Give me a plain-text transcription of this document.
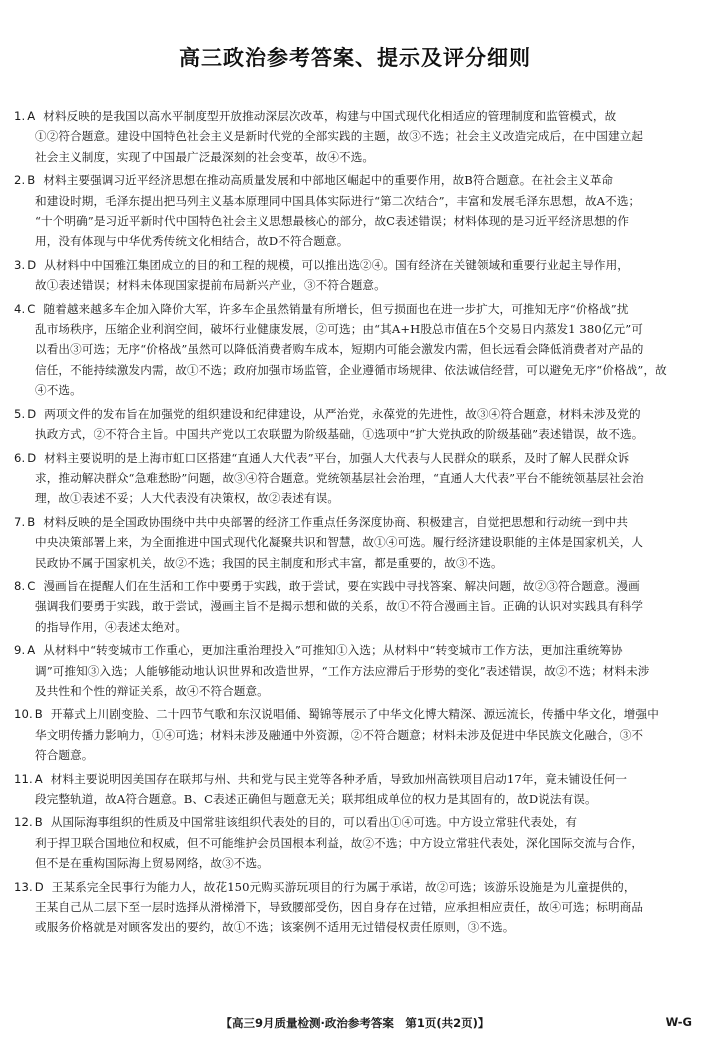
高三政治参考答案、提示及评分细则
1. A 材料反映的是我国以高水平制度型开放推动深层次改革，构建与中国式现代化相适应的管理制度和监管模式，故
①②符合题意。建设中国特色社会主义是新时代党的全部实践的主题，故③不选；社会主义改造完成后，在中国建立起
社会主义制度，实现了中国最广泛最深刻的社会变革，故④不选。
2. B 材料主要强调习近平经济思想在推动高质量发展和中部地区崛起中的重要作用，故B符合题意。在社会主义革命
和建设时期，毛泽东提出把马列主义基本原理同中国具体实际进行“第二次结合”，丰富和发展毛泽东思想，故A不选；
“十个明确”是习近平新时代中国特色社会主义思想最核心的部分，故C表述错误；材料体现的是习近平经济思想的作
用，没有体现与中华优秀传统文化相结合，故D不符合题意。
3. D 从材料中中国雅江集团成立的目的和工程的规模，可以推出选②④。国有经济在关键领域和重要行业起主导作用，
故①表述错误；材料未体现国家提前布局新兴产业，③不符合题意。
4. C 随着越来越多车企加入降价大军，许多车企虽然销量有所增长，但亏损面也在进一步扩大，可推知无序“价格战”扰
乱市场秩序，压缩企业利润空间，破坏行业健康发展，②可选；由“其A+H股总市值在5个交易日内蒸发1 380亿元”可
以看出③可选；无序“价格战”虽然可以降低消费者购车成本，短期内可能会激发内需，但长远看会降低消费者对产品的
信任，不能持续激发内需，故①不选；政府加强市场监管，企业遵循市场规律、依法诚信经营，可以避免无序“价格战”，故
④不选。
5. D 两项文件的发布旨在加强党的组织建设和纪律建设，从严治党，永葆党的先进性，故③④符合题意，材料未涉及党的
执政方式，②不符合主旨。中国共产党以工农联盟为阶级基础，①选项中“扩大党执政的阶级基础”表述错误，故不选。
6. D 材料主要说明的是上海市虹口区搭建“直通人大代表”平台，加强人大代表与人民群众的联系，及时了解人民群众诉
求，推动解决群众“急难愁盼”问题，故③④符合题意。党统领基层社会治理，“直通人大代表”平台不能统领基层社会治
理，故①表述不妥；人大代表没有决策权，故②表述有误。
7. B 材料反映的是全国政协围绕中共中央部署的经济工作重点任务深度协商、积极建言，自觉把思想和行动统一到中共
中央决策部署上来，为全面推进中国式现代化凝聚共识和智慧，故①④可选。履行经济建设职能的主体是国家机关，人
民政协不属于国家机关，故②不选；我国的民主制度和形式丰富，都是重要的，故③不选。
8. C 漫画旨在提醒人们在生活和工作中要勇于实践，敢于尝试，要在实践中寻找答案、解决问题，故②③符合题意。漫画
强调我们要勇于实践，敢于尝试，漫画主旨不是揭示想和做的关系，故①不符合漫画主旨。正确的认识对实践具有科学
的指导作用，④表述太绝对。
9. A 从材料中“转变城市工作重心，更加注重治理投入”可推知①入选；从材料中“转变城市工作方法，更加注重统筹协
调”可推知③入选；人能够能动地认识世界和改造世界，“工作方法应滞后于形势的变化”表述错误，故②不选；材料未涉
及共性和个性的辩证关系，故④不符合题意。
10. B 开幕式上川剧变脸、二十四节气歌和东汉说唱俑、蜀锦等展示了中华文化博大精深、源远流长，传播中华文化，增强中
华文明传播力影响力，①④可选；材料未涉及融通中外资源，②不符合题意；材料未涉及促进中华民族文化融合，③不
符合题意。
11. A 材料主要说明因美国存在联邦与州、共和党与民主党等各种矛盾，导致加州高铁项目启动17年，竟未铺设任何一
段完整轨道，故A符合题意。B、C表述正确但与题意无关；联邦组成单位的权力是其固有的，故D说法有误。
12. B 从国际海事组织的性质及中国常驻该组织代表处的目的，可以看出①④可选。中方设立常驻代表处，有
利于捍卫联合国地位和权威，但不可能维护会员国根本利益，故②不选；中方设立常驻代表处，深化国际交流与合作，
但不是在重构国际海上贸易网络，故③不选。
13. D 王某系完全民事行为能力人，故花150元购买游玩项目的行为属于承诺，故②可选；该游乐设施是为儿童提供的，
王某自己从二层下至一层时选择从滑梯滑下，导致腰部受伤，因自身存在过错，应承担相应责任，故④可选；标明商品
或服务价格就是对顾客发出的要约，故①不选；该案例不适用无过错侵权责任原则，③不选。
【高三9月质量检测·政治参考答案　第1页(共2页)】	W-G
